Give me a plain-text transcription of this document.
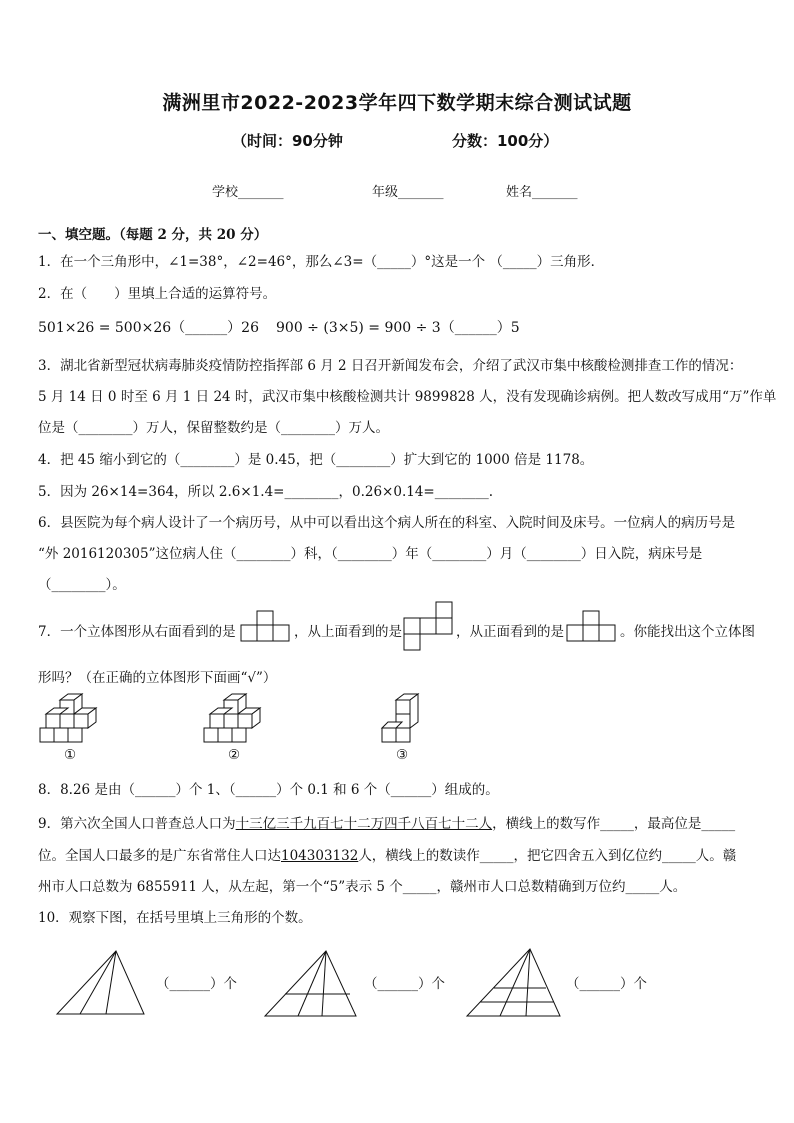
满洲里市2022-2023学年四下数学期末综合测试试题
（时间：90分钟	分数：100分）
学校_______	年级_______	姓名_______
一、填空题。（每题 2 分，共 20 分）
1．在一个三角形中，∠1=38°，∠2=46°，那么∠3=（_____）°这是一个 （_____）三角形．
2．在（　　）里填上合适的运算符号。
501×26 = 500×26（______）26 900 ÷ (3×5) = 900 ÷ 3（______）5
3．湖北省新型冠状病毒肺炎疫情防控指挥部 6 月 2 日召开新闻发布会，介绍了武汉市集中核酸检测排查工作的情况：
5 月 14 日 0 时至 6 月 1 日 24 时，武汉市集中核酸检测共计 9899828 人，没有发现确诊病例。把人数改写成用“万”作单
位是（________）万人，保留整数约是（________）万人。
4．把 45 缩小到它的（________）是 0.45，把（________）扩大到它的 1000 倍是 1178。
5．因为 26×14=364，所以 2.6×1.4=________，0.26×0.14=________.
6．县医院为每个病人设计了一个病历号，从中可以看出这个病人所在的科室、入院时间及床号。一位病人的病历号是
“外 2016120305”这位病人住（________）科，（________）年（________）月（________）日入院，病床号是
（________）。
7．一个立体图形从右面看到的是	，从上面看到的是	，从正面看到的是	。你能找出这个立体图
形吗？（在正确的立体图形下面画“√”）
①	②	③
8．8.26 是由（______）个 1、（______）个 0.1 和 6 个（______）组成的。
9．第六次全国人口普查总人口为十三亿三千九百七十二万四千八百七十二人，横线上的数写作_____，最高位是_____
位。全国人口最多的是广东省常住人口达104303132人，横线上的数读作_____，把它四舍五入到亿位约_____人。赣
州市人口总数为 6855911 人，从左起，第一个“5”表示 5 个_____，赣州市人口总数精确到万位约_____人。
10．观察下图，在括号里填上三角形的个数。
（______）个	（______）个	（______）个
